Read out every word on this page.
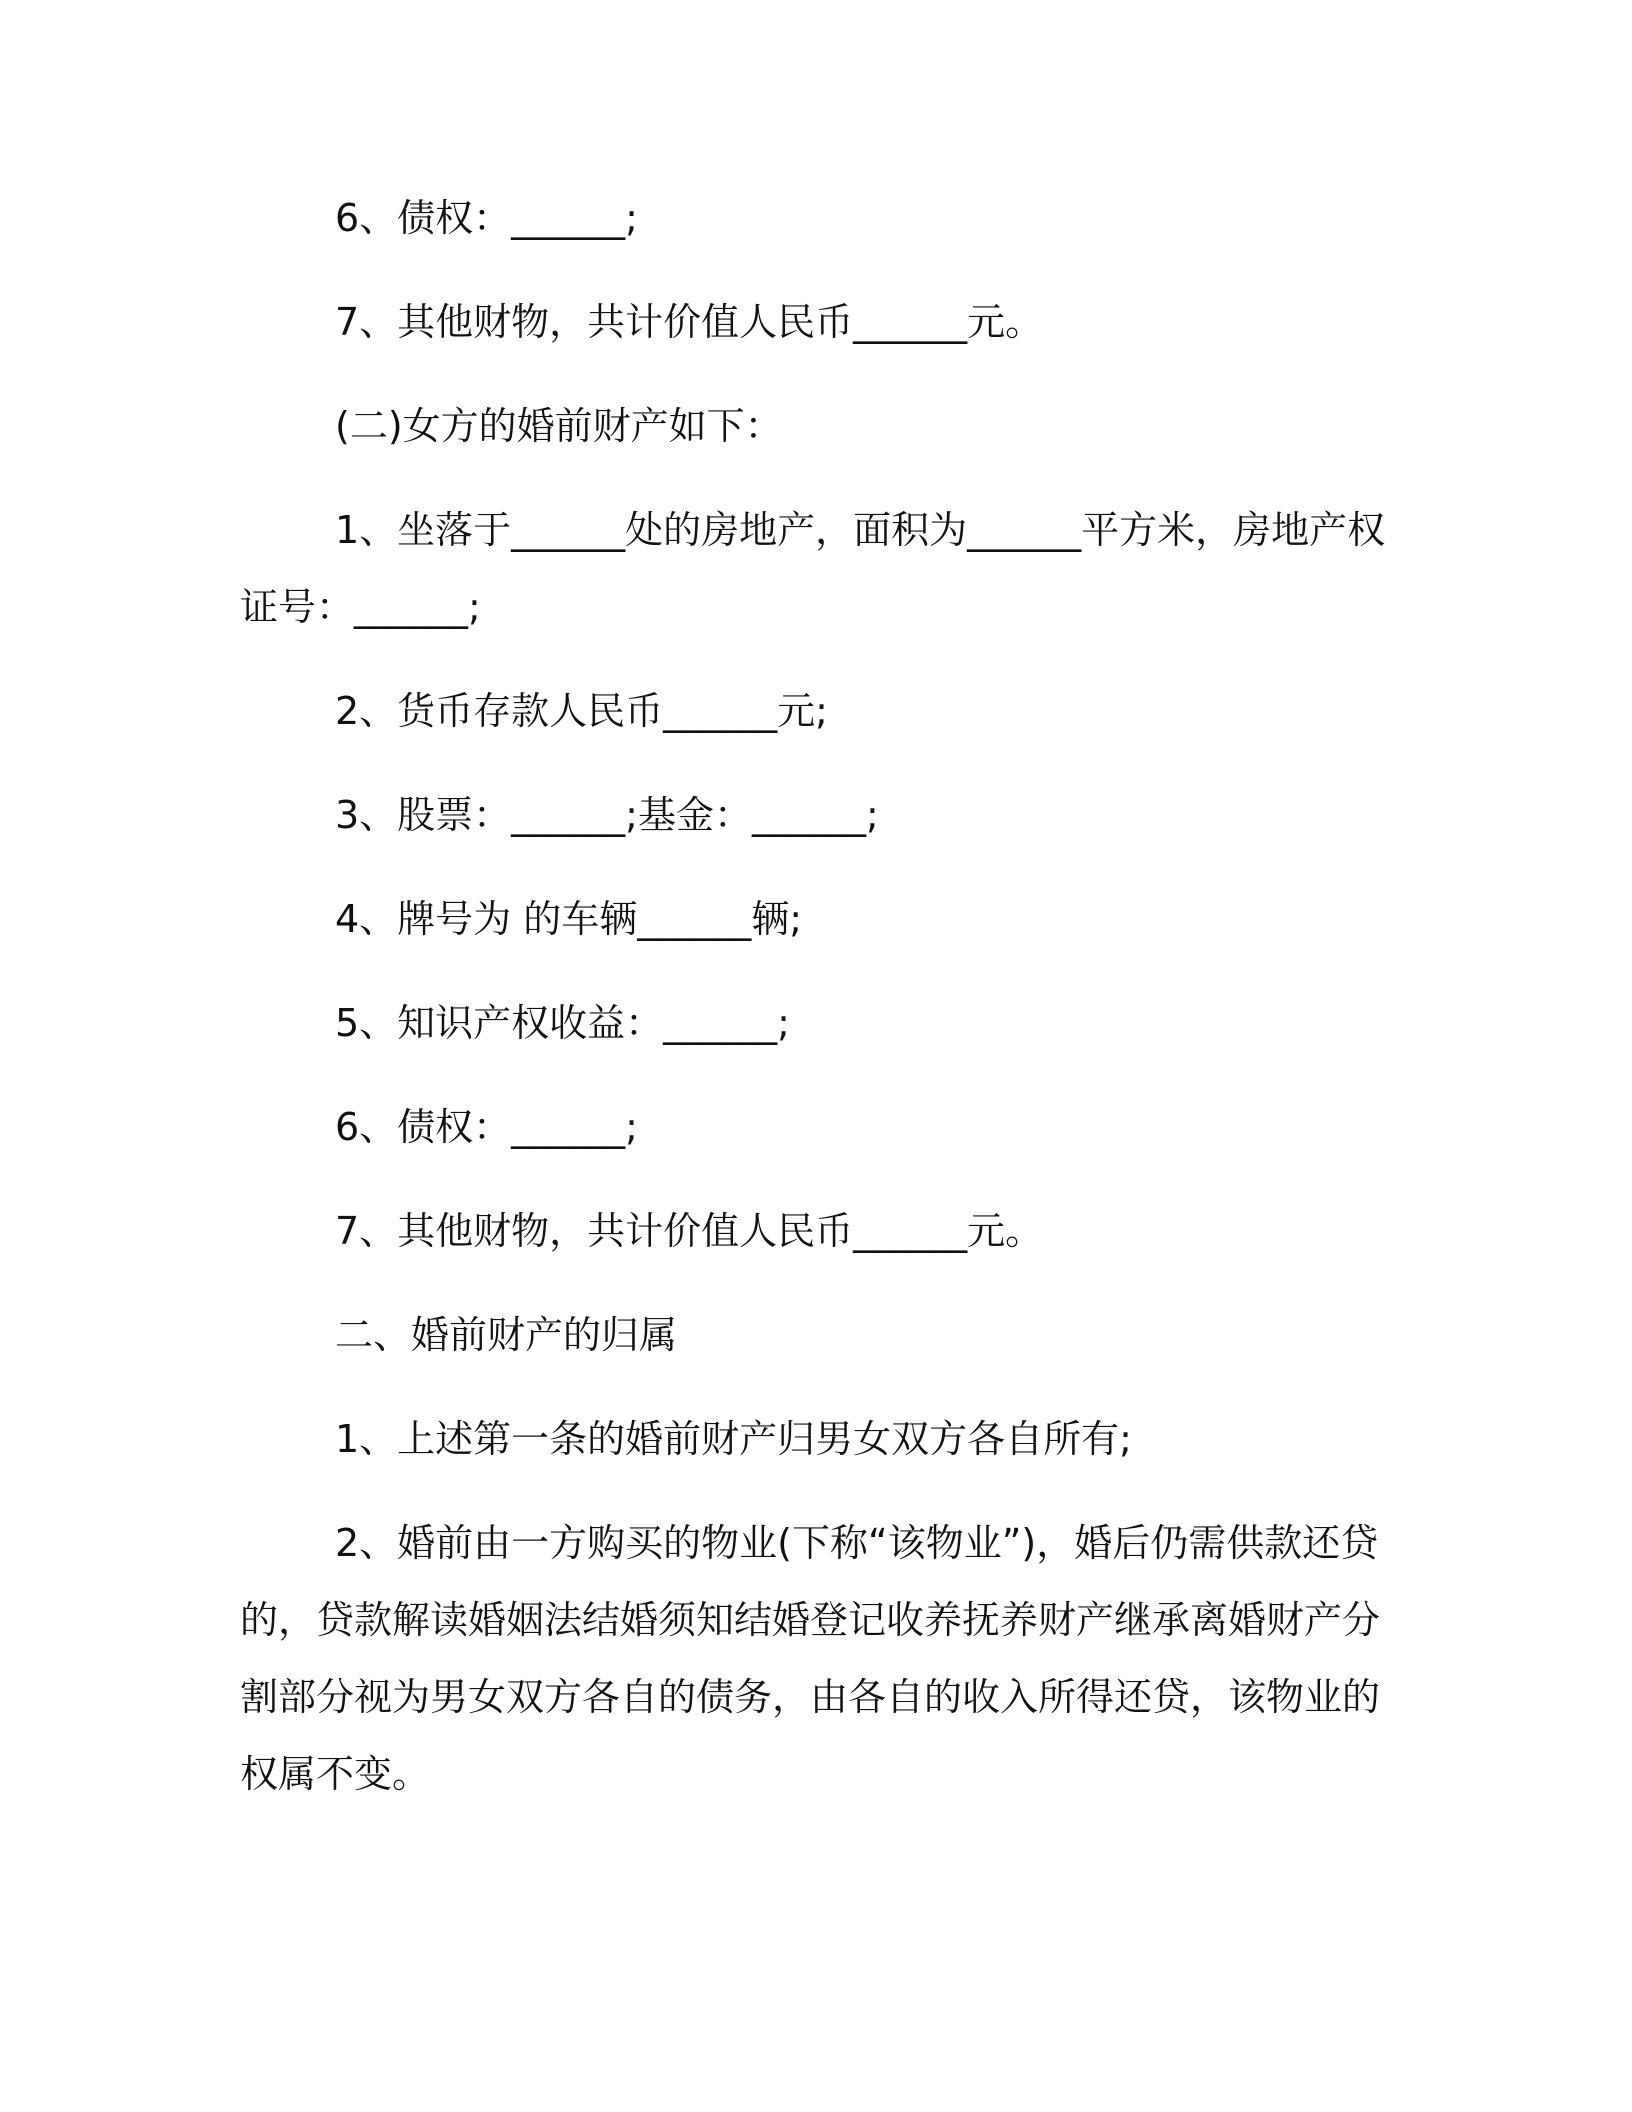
6、债权：______;

7、其他财物，共计价值人民币______元。

(二)女方的婚前财产如下：

1、坐落于______处的房地产，面积为______平方米，房地产权证号：______;

2、货币存款人民币______元;

3、股票：______;基金：______;

4、牌号为 的车辆______辆;

5、知识产权收益：______;

6、债权：______;

7、其他财物，共计价值人民币______元。

二、婚前财产的归属

1、上述第一条的婚前财产归男女双方各自所有;

2、婚前由一方购买的物业(下称“该物业”)，婚后仍需供款还贷的，贷款解读婚姻法结婚须知结婚登记收养抚养财产继承离婚财产分割部分视为男女双方各自的债务，由各自的收入所得还贷，该物业的权属不变。
